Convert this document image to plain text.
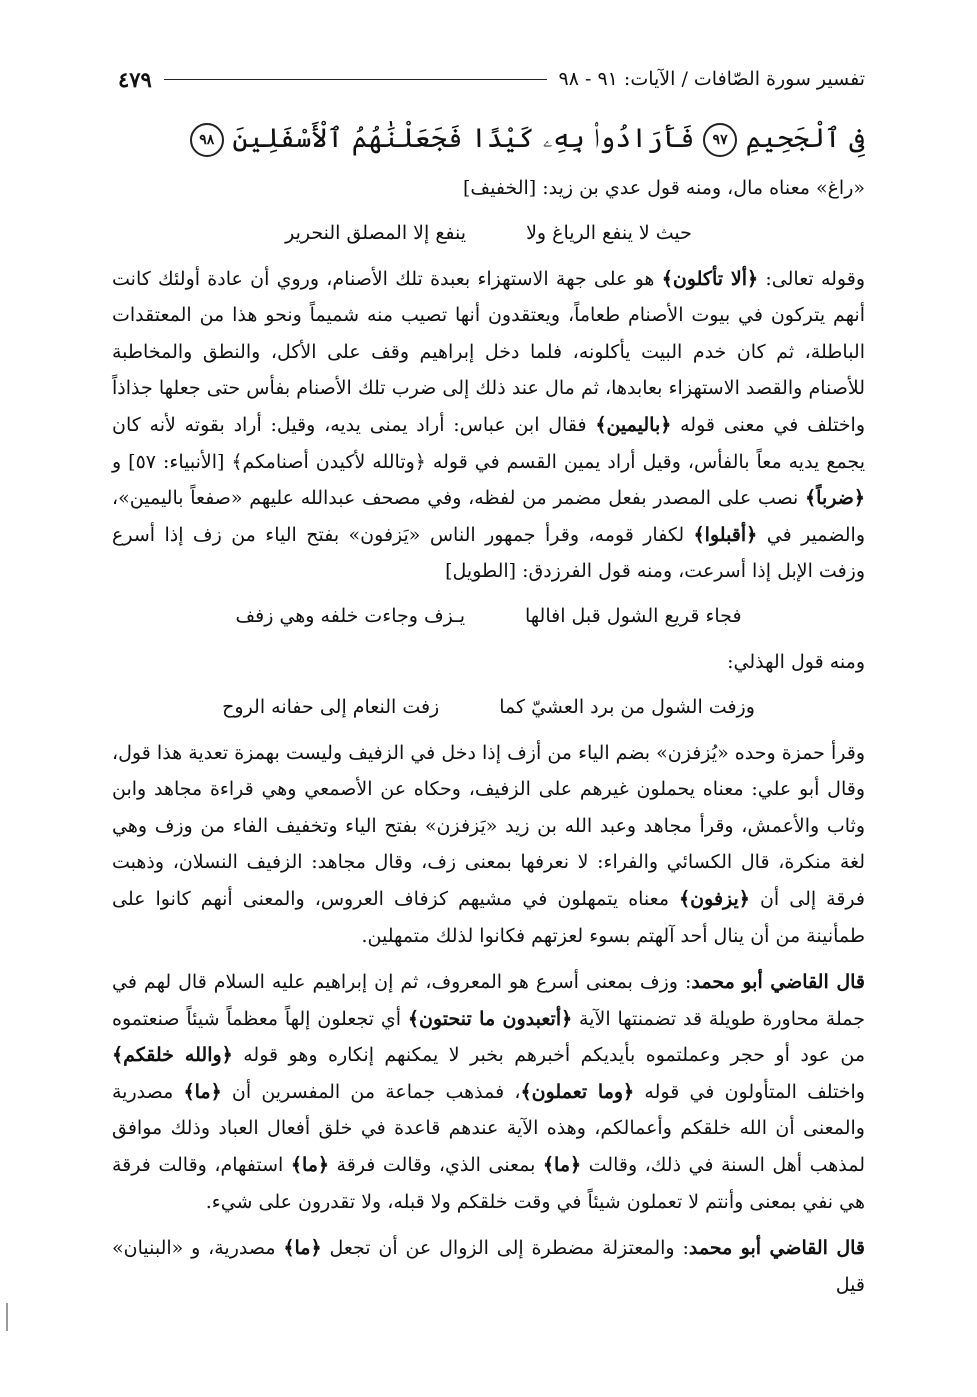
تفسير سورة الصّافات / الآيات: ٩١ - ٩٨
٤٧٩
فِى ٱلْجَحِيمِ ٩٧ فَأَرَادُوا۟ بِهِۦ كَيْدًا فَجَعَلْنَٰهُمُ ٱلْأَسْفَلِينَ ٩٨

«راغ» معناه مال، ومنه قول عدي بن زيد: [الخفيف]

حيث لا ينفع الرياغ ولا
ينفع إلا المصلق النحرير

وقوله تعالى: ﴿ألا تأكلون﴾ هو على جهة الاستهزاء بعبدة تلك الأصنام، وروي أن عادة أولئك كانت أنهم يتركون في بيوت الأصنام طعاماً، ويعتقدون أنها تصيب منه شميماً ونحو هذا من المعتقدات الباطلة، ثم كان خدم البيت يأكلونه، فلما دخل إبراهيم وقف على الأكل، والنطق والمخاطبة للأصنام والقصد الاستهزاء بعابدها، ثم مال عند ذلك إلى ضرب تلك الأصنام بفأس حتى جعلها جذاذاً واختلف في معنى قوله ﴿باليمين﴾ فقال ابن عباس: أراد يمنى يديه، وقيل: أراد بقوته لأنه كان يجمع يديه معاً بالفأس، وقيل أراد يمين القسم في قوله ﴿وتالله لأكيدن أصنامكم﴾ [الأنبياء: ٥٧] و ﴿ضرباً﴾ نصب على المصدر بفعل مضمر من لفظه، وفي مصحف عبدالله عليهم «صفعاً باليمين»، والضمير في ﴿أقبلوا﴾ لكفار قومه، وقرأ جمهور الناس «يَزفون» بفتح الياء من زف إذا أسرع وزفت الإبل إذا أسرعت، ومنه قول الفرزدق: [الطويل]

فجاء قريع الشول قبل افالها
يـزف وجاءت خلفه وهي زفف

ومنه قول الهذلي:

وزفت الشول من برد العشيّ كما
زفت النعام إلى حفانه الروح

وقرأ حمزة وحده «يُزفزن» بضم الياء من أزف إذا دخل في الزفيف وليست بهمزة تعدية هذا قول، وقال أبو علي: معناه يحملون غيرهم على الزفيف، وحكاه عن الأصمعي وهي قراءة مجاهد وابن وثاب والأعمش، وقرأ مجاهد وعبد الله بن زيد «يَزفزن» بفتح الياء وتخفيف الفاء من وزف وهي لغة منكرة، قال الكسائي والفراء: لا نعرفها بمعنى زف، وقال مجاهد: الزفيف النسلان، وذهبت فرقة إلى أن ﴿يزفون﴾ معناه يتمهلون في مشيهم كزفاف العروس، والمعنى أنهم كانوا على طمأنينة من أن ينال أحد آلهتم بسوء لعزتهم فكانوا لذلك متمهلين.

قال القاضي أبو محمد: وزف بمعنى أسرع هو المعروف، ثم إن إبراهيم عليه السلام قال لهم في جملة محاورة طويلة قد تضمنتها الآية ﴿أتعبدون ما تنحتون﴾ أي تجعلون إلهاً معظماً شيئاً صنعتموه من عود أو حجر وعملتموه بأيديكم أخبرهم بخبر لا يمكنهم إنكاره وهو قوله ﴿والله خلقكم﴾ واختلف المتأولون في قوله ﴿وما تعملون﴾، فمذهب جماعة من المفسرين أن ﴿ما﴾ مصدرية والمعنى أن الله خلقكم وأعمالكم، وهذه الآية عندهم قاعدة في خلق أفعال العباد وذلك موافق لمذهب أهل السنة في ذلك، وقالت ﴿ما﴾ بمعنى الذي، وقالت فرقة ﴿ما﴾ استفهام، وقالت فرقة هي نفي بمعنى وأنتم لا تعملون شيئاً في وقت خلقكم ولا قبله، ولا تقدرون على شيء.

قال القاضي أبو محمد: والمعتزلة مضطرة إلى الزوال عن أن تجعل ﴿ما﴾ مصدرية، و «البنيان» قيل
